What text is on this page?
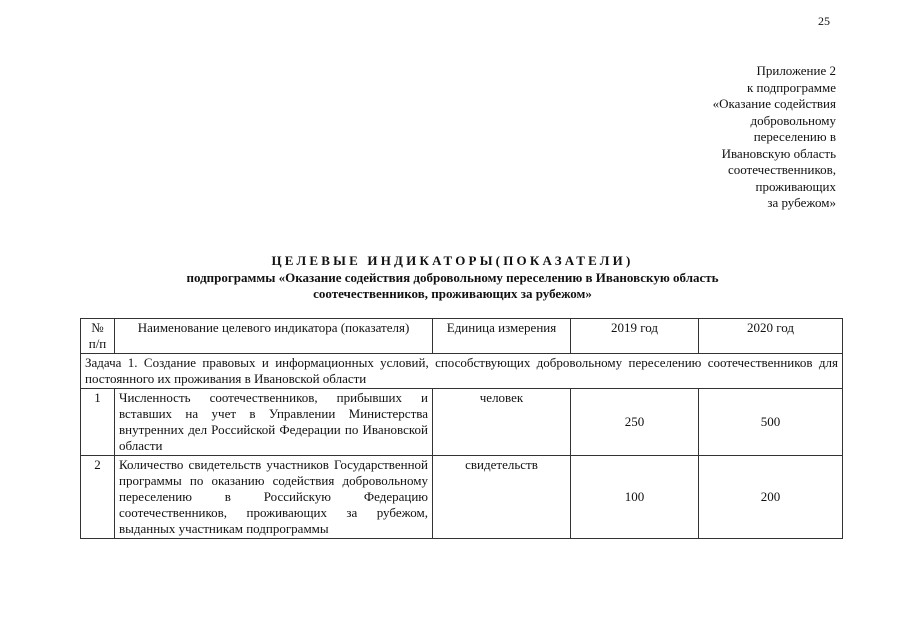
25
Приложение 2
к подпрограмме
«Оказание содействия
добровольному
переселению в
Ивановскую область
соотечественников,
проживающих
за рубежом»
ЦЕЛЕВЫЕ ИНДИКАТОРЫ(ПОКАЗАТЕЛИ)
подпрограммы «Оказание содействия добровольному переселению в Ивановскую область
соотечественников, проживающих за рубежом»
№ п/п	Наименование целевого индикатора (показателя)	Единица измерения	2019 год	2020 год
Задача 1. Создание правовых и информационных условий, способствующих добровольному переселению соотечественников для постоянного их проживания в Ивановской области				
1	Численность соотечественников, прибывших и вставших на учет в Управлении Министерства внутренних дел Российской Федерации по Ивановской области	человек	250	500
2	Количество свидетельств участников Государственной программы по оказанию содействия добровольному переселению в Российскую Федерацию соотечественников, проживающих за рубежом, выданных участникам подпрограммы	свидетельств	100	200
